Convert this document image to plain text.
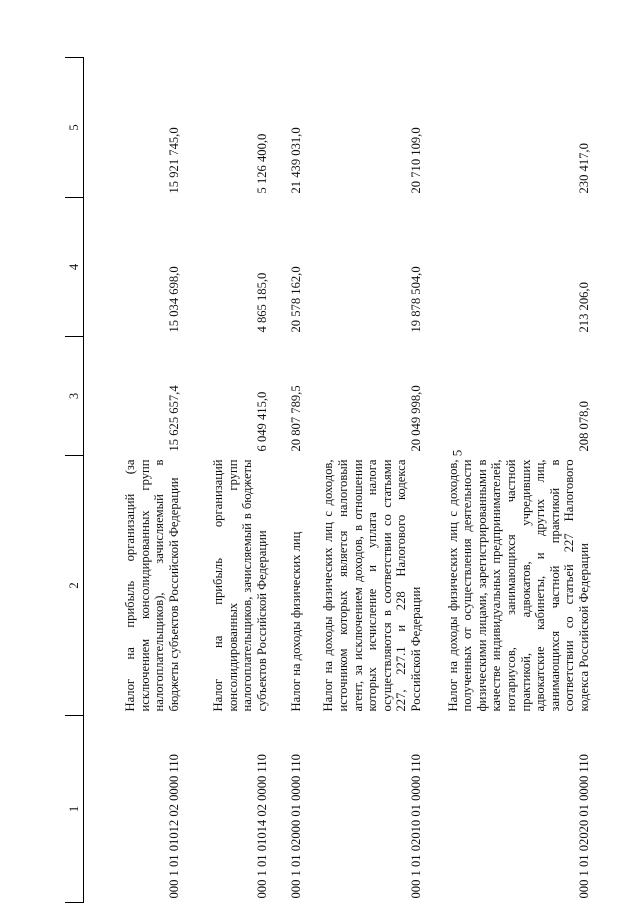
5
1	2	3	4	5
000 1 01 01012 02 0000 110	Налог на прибыль организаций (за исключением консолидированных групп налогоплательщиков), зачисляемый в бюджеты субъектов Российской Федерации	15 625 657,4	15 034 698,0	15 921 745,0
000 1 01 01014 02 0000 110	Налог на прибыль организаций консолидированных групп налогоплательщиков, зачисляемый в бюджеты субъектов Российской Федерации	6 049 415,0	4 865 185,0	5 126 400,0
000 1 01 02000 01 0000 110	Налог на доходы физических лиц	20 807 789,5	20 578 162,0	21 439 031,0
000 1 01 02010 01 0000 110	Налог на доходы физических лиц с доходов, источником которых является налоговый агент, за исключением доходов, в отношении которых исчисление и уплата налога осуществляются в соответствии со статьями 227, 227.1 и 228 Налогового кодекса Российской Федерации	20 049 998,0	19 878 504,0	20 710 109,0
000 1 01 02020 01 0000 110	Налог на доходы физических лиц с доходов, полученных от осуществления деятельности физическими лицами, зарегистрированными в качестве индивидуальных предпринимателей, нотариусов, занимающихся частной практикой, адвокатов, учредивших адвокатские кабинеты, и других лиц, занимающихся частной практикой в соответствии со статьей 227 Налогового кодекса Российской Федерации	208 078,0	213 206,0	230 417,0
